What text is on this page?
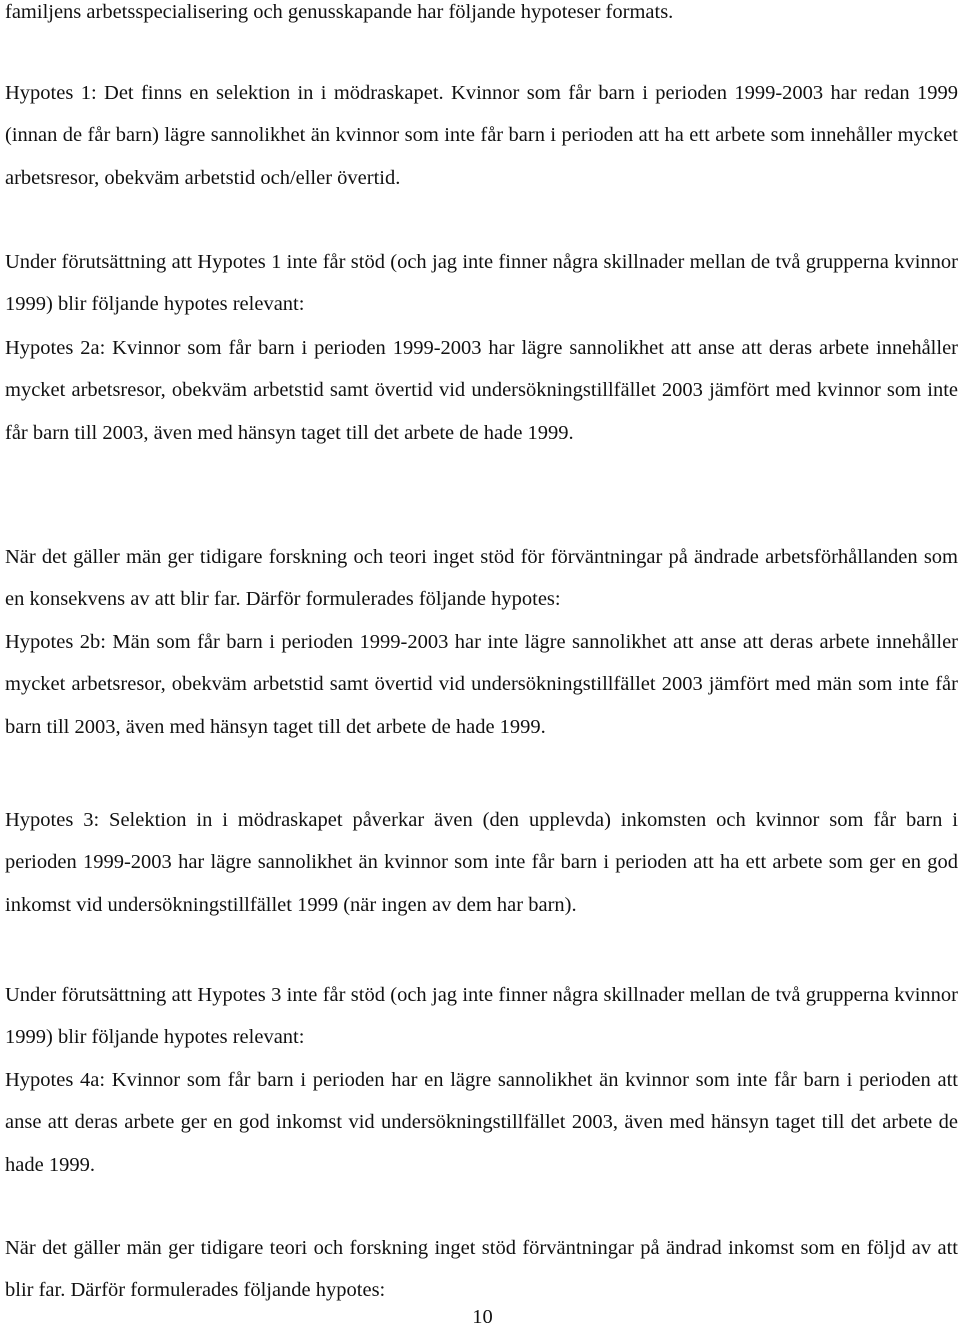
familjens arbetsspecialisering och genusskapande har följande hypoteser formats.

Hypotes 1: Det finns en selektion in i mödraskapet. Kvinnor som får barn i perioden 1999-2003 har redan 1999 (innan de får barn) lägre sannolikhet än kvinnor som inte får barn i perioden att ha ett arbete som innehåller mycket arbetsresor, obekväm arbetstid och/eller övertid.

Under förutsättning att Hypotes 1 inte får stöd (och jag inte finner några skillnader mellan de två grupperna kvinnor 1999) blir följande hypotes relevant:

Hypotes 2a: Kvinnor som får barn i perioden 1999-2003 har lägre sannolikhet att anse att deras arbete innehåller mycket arbetsresor, obekväm arbetstid samt övertid vid undersökningstillfället 2003 jämfört med kvinnor som inte får barn till 2003, även med hänsyn taget till det arbete de hade 1999.

När det gäller män ger tidigare forskning och teori inget stöd för förväntningar på ändrade arbetsförhållanden som en konsekvens av att blir far. Därför formulerades följande hypotes:

Hypotes 2b: Män som får barn i perioden 1999-2003 har inte lägre sannolikhet att anse att deras arbete innehåller mycket arbetsresor, obekväm arbetstid samt övertid vid undersökningstillfället 2003 jämfört med män som inte får barn till 2003, även med hänsyn taget till det arbete de hade 1999.

Hypotes 3: Selektion in i mödraskapet påverkar även (den upplevda) inkomsten och kvinnor som får barn i perioden 1999-2003 har lägre sannolikhet än kvinnor som inte får barn i perioden att ha ett arbete som ger en god inkomst vid undersökningstillfället 1999 (när ingen av dem har barn).

Under förutsättning att Hypotes 3 inte får stöd (och jag inte finner några skillnader mellan de två grupperna kvinnor 1999) blir följande hypotes relevant:

Hypotes 4a: Kvinnor som får barn i perioden har en lägre sannolikhet än kvinnor som inte får barn i perioden att anse att deras arbete ger en god inkomst vid undersökningstillfället 2003, även med hänsyn taget till det arbete de hade 1999.

När det gäller män ger tidigare teori och forskning inget stöd förväntningar på ändrad inkomst som en följd av att blir far. Därför formulerades följande hypotes:

10
